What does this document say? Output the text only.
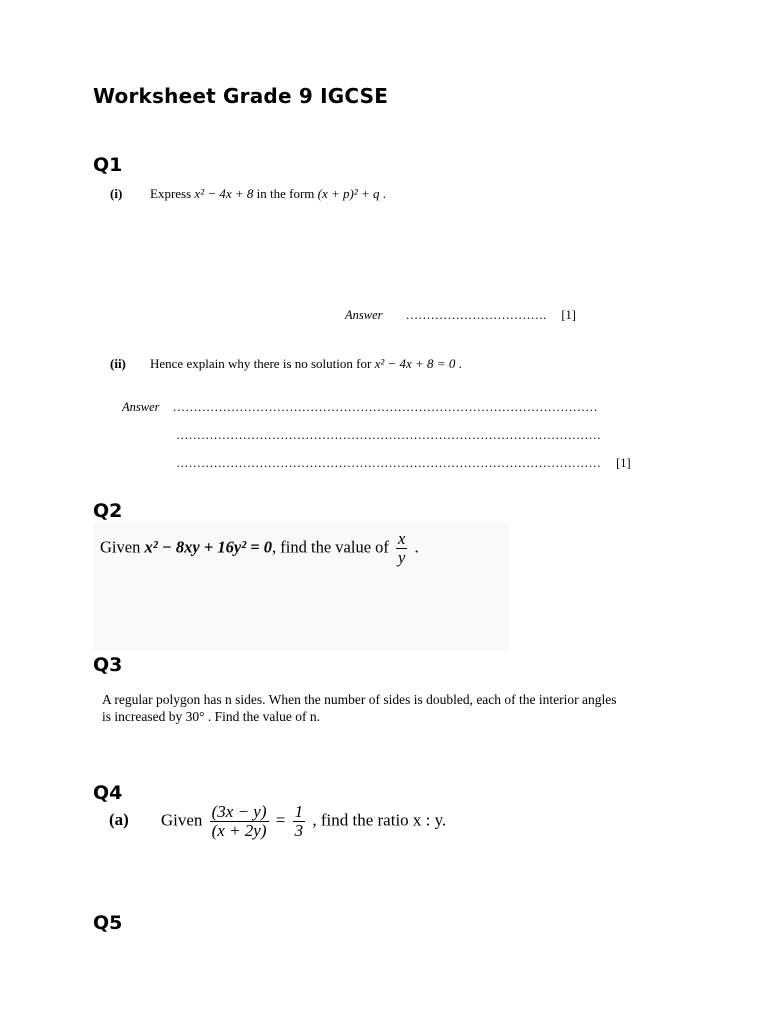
Worksheet Grade 9 IGCSE
Q1
(i) Express x² − 4x + 8 in the form (x + p)² + q .
Answer ……………………………. [1]
(ii) Hence explain why there is no solution for x² − 4x + 8 = 0 .
Answer …………………………………………………………………………………………
…………………………………………………………………………………………
………………………………………………………………………………………… [1]
Q2
Given x² − 8xy + 16y² = 0, find the value of $\frac{x}{y}$ .
Q3
A regular polygon has n sides. When the number of sides is doubled, each of the interior angles
is increased by 30° . Find the value of n.
Q4
(a) Given $\frac{(3x - y)}{(x + 2y)} = \frac{1}{3}$ , find the ratio x : y.
Q5
